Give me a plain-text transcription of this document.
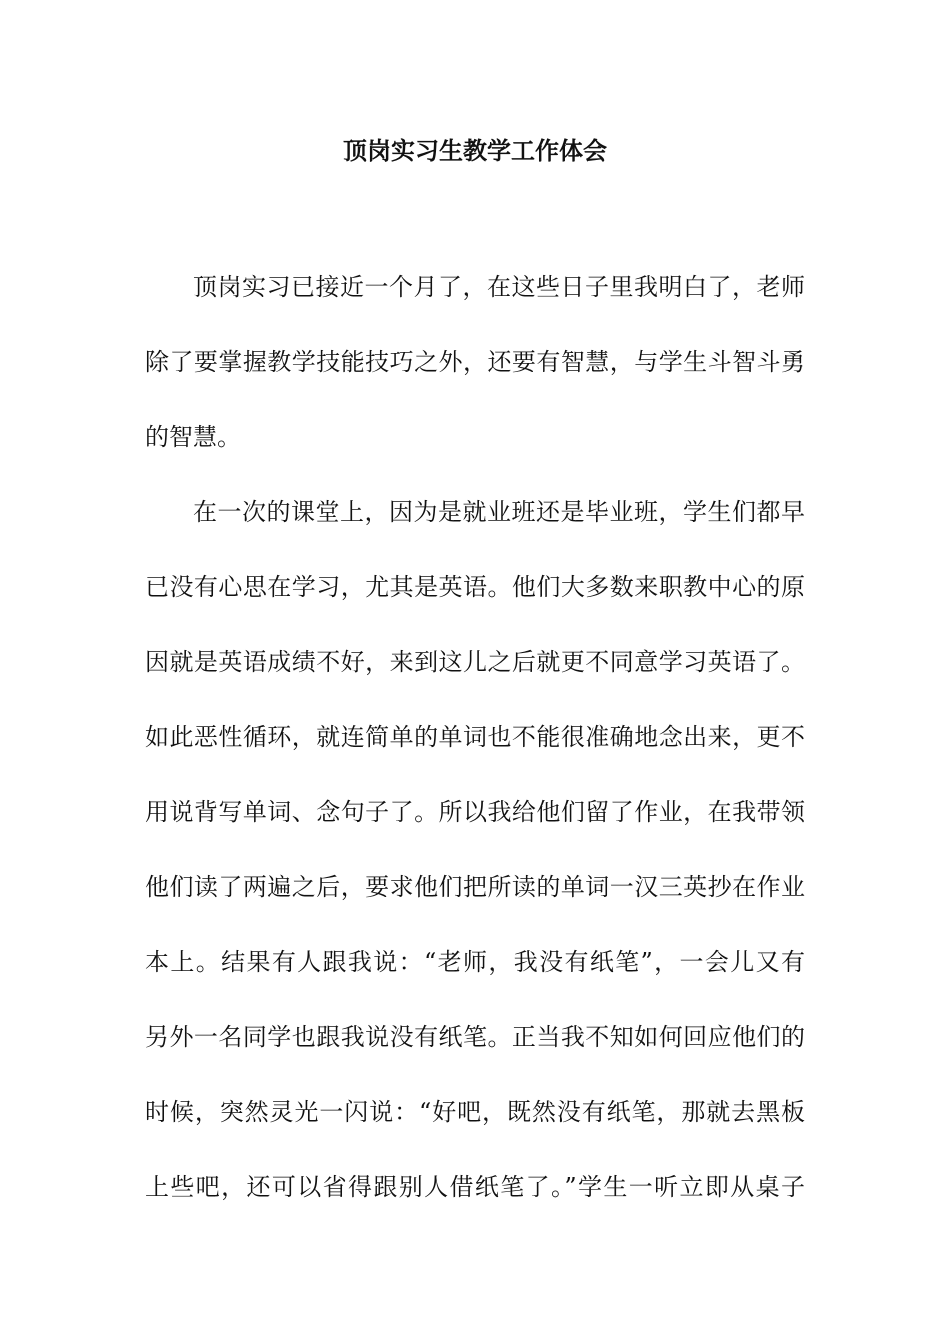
顶岗实习生教学工作体会
顶岗实习已接近一个月了，在这些日子里我明白了，老师
除了要掌握教学技能技巧之外，还要有智慧，与学生斗智斗勇
的智慧。
在一次的课堂上，因为是就业班还是毕业班，学生们都早
已没有心思在学习，尤其是英语。他们大多数来职教中心的原
因就是英语成绩不好，来到这儿之后就更不同意学习英语了。
如此恶性循环，就连简单的单词也不能很准确地念出来，更不
用说背写单词、念句子了。所以我给他们留了作业，在我带领
他们读了两遍之后，要求他们把所读的单词一汉三英抄在作业
本上。结果有人跟我说：“老师，我没有纸笔”，一会儿又有
另外一名同学也跟我说没有纸笔。正当我不知如何回应他们的
时候，突然灵光一闪说：“好吧，既然没有纸笔，那就去黑板
上些吧，还可以省得跟别人借纸笔了。”学生一听立即从桌子
